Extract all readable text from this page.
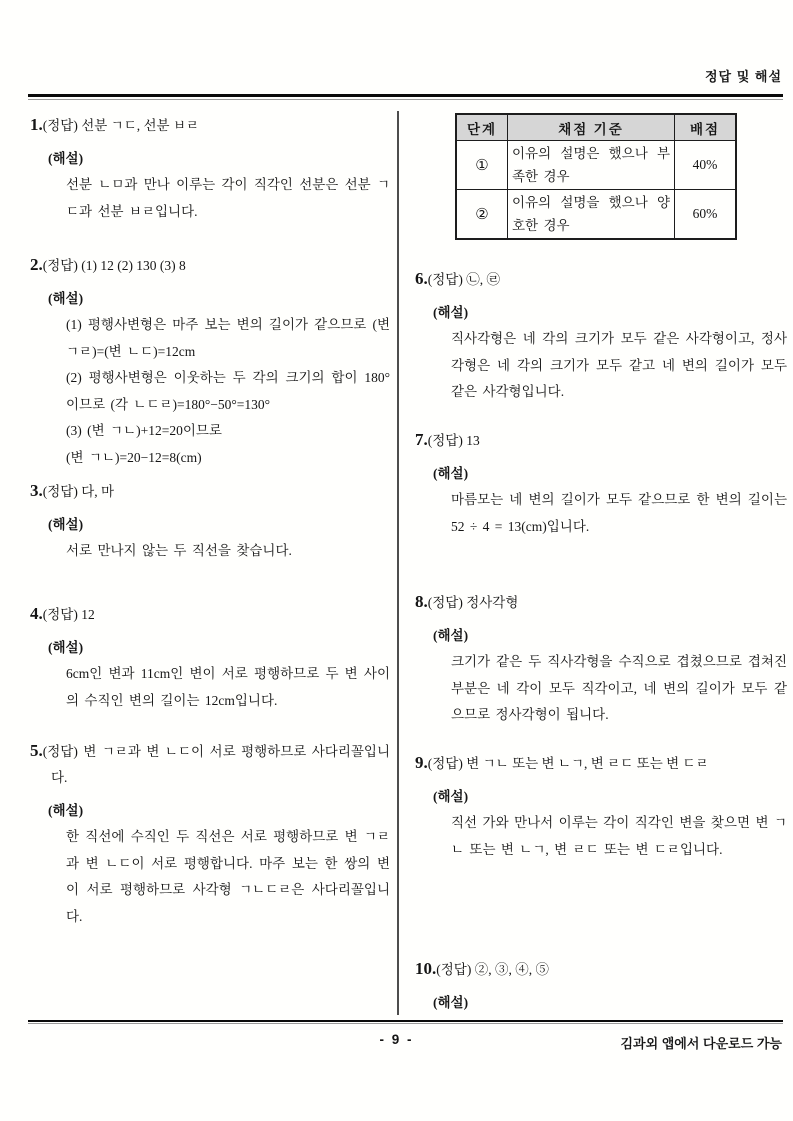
정답 및 해설

1.(정답) 선분 ㄱㄷ, 선분 ㅂㄹ

(해설)

선분 ㄴㅁ과 만나 이루는 각이 직각인 선분은 선분 ㄱㄷ과 선분 ㅂㄹ입니다.

2.(정답) (1) 12 (2) 130 (3) 8

(해설)

(1) 평행사변형은 마주 보는 변의 길이가 같으므로 (변 ㄱㄹ)=(변 ㄴㄷ)=12cm

(2) 평행사변형은 이웃하는 두 각의 크기의 합이 180°이므로 (각 ㄴㄷㄹ)=180°−50°=130°

(3) (변 ㄱㄴ)+12=20이므로

(변 ㄱㄴ)=20−12=8(cm)

3.(정답) 다, 마

(해설)

서로 만나지 않는 두 직선을 찾습니다.

4.(정답) 12

(해설)

6cm인 변과 11cm인 변이 서로 평행하므로 두 변 사이의 수직인 변의 길이는 12cm입니다.

5.(정답) 변 ㄱㄹ과 변 ㄴㄷ이 서로 평행하므로 사다리꼴입니다.

(해설)

한 직선에 수직인 두 직선은 서로 평행하므로 변 ㄱㄹ과 변 ㄴㄷ이 서로 평행합니다. 마주 보는 한 쌍의 변이 서로 평행하므로 사각형 ㄱㄴㄷㄹ은 사다리꼴입니다.

단계	채점 기준	배점
①	이유의 설명은 했으나 부족한 경우	40%
②	이유의 설명을 했으나 양호한 경우	60%

6.(정답) ㉡, ㉣

(해설)

직사각형은 네 각의 크기가 모두 같은 사각형이고, 정사각형은 네 각의 크기가 모두 같고 네 변의 길이가 모두 같은 사각형입니다.

7.(정답) 13

(해설)

마름모는 네 변의 길이가 모두 같으므로 한 변의 길이는 52 ÷ 4 = 13(cm)입니다.

8.(정답) 정사각형

(해설)

크기가 같은 두 직사각형을 수직으로 겹쳤으므로 겹쳐진 부분은 네 각이 모두 직각이고, 네 변의 길이가 모두 같으므로 정사각형이 됩니다.

9.(정답) 변 ㄱㄴ 또는 변 ㄴㄱ, 변 ㄹㄷ 또는 변 ㄷㄹ

(해설)

직선 가와 만나서 이루는 각이 직각인 변을 찾으면 변 ㄱㄴ 또는 변 ㄴㄱ, 변 ㄹㄷ 또는 변 ㄷㄹ입니다.

10.(정답) ②, ③, ④, ⑤

(해설)

- 9 -	김과외 앱에서 다운로드 가능
